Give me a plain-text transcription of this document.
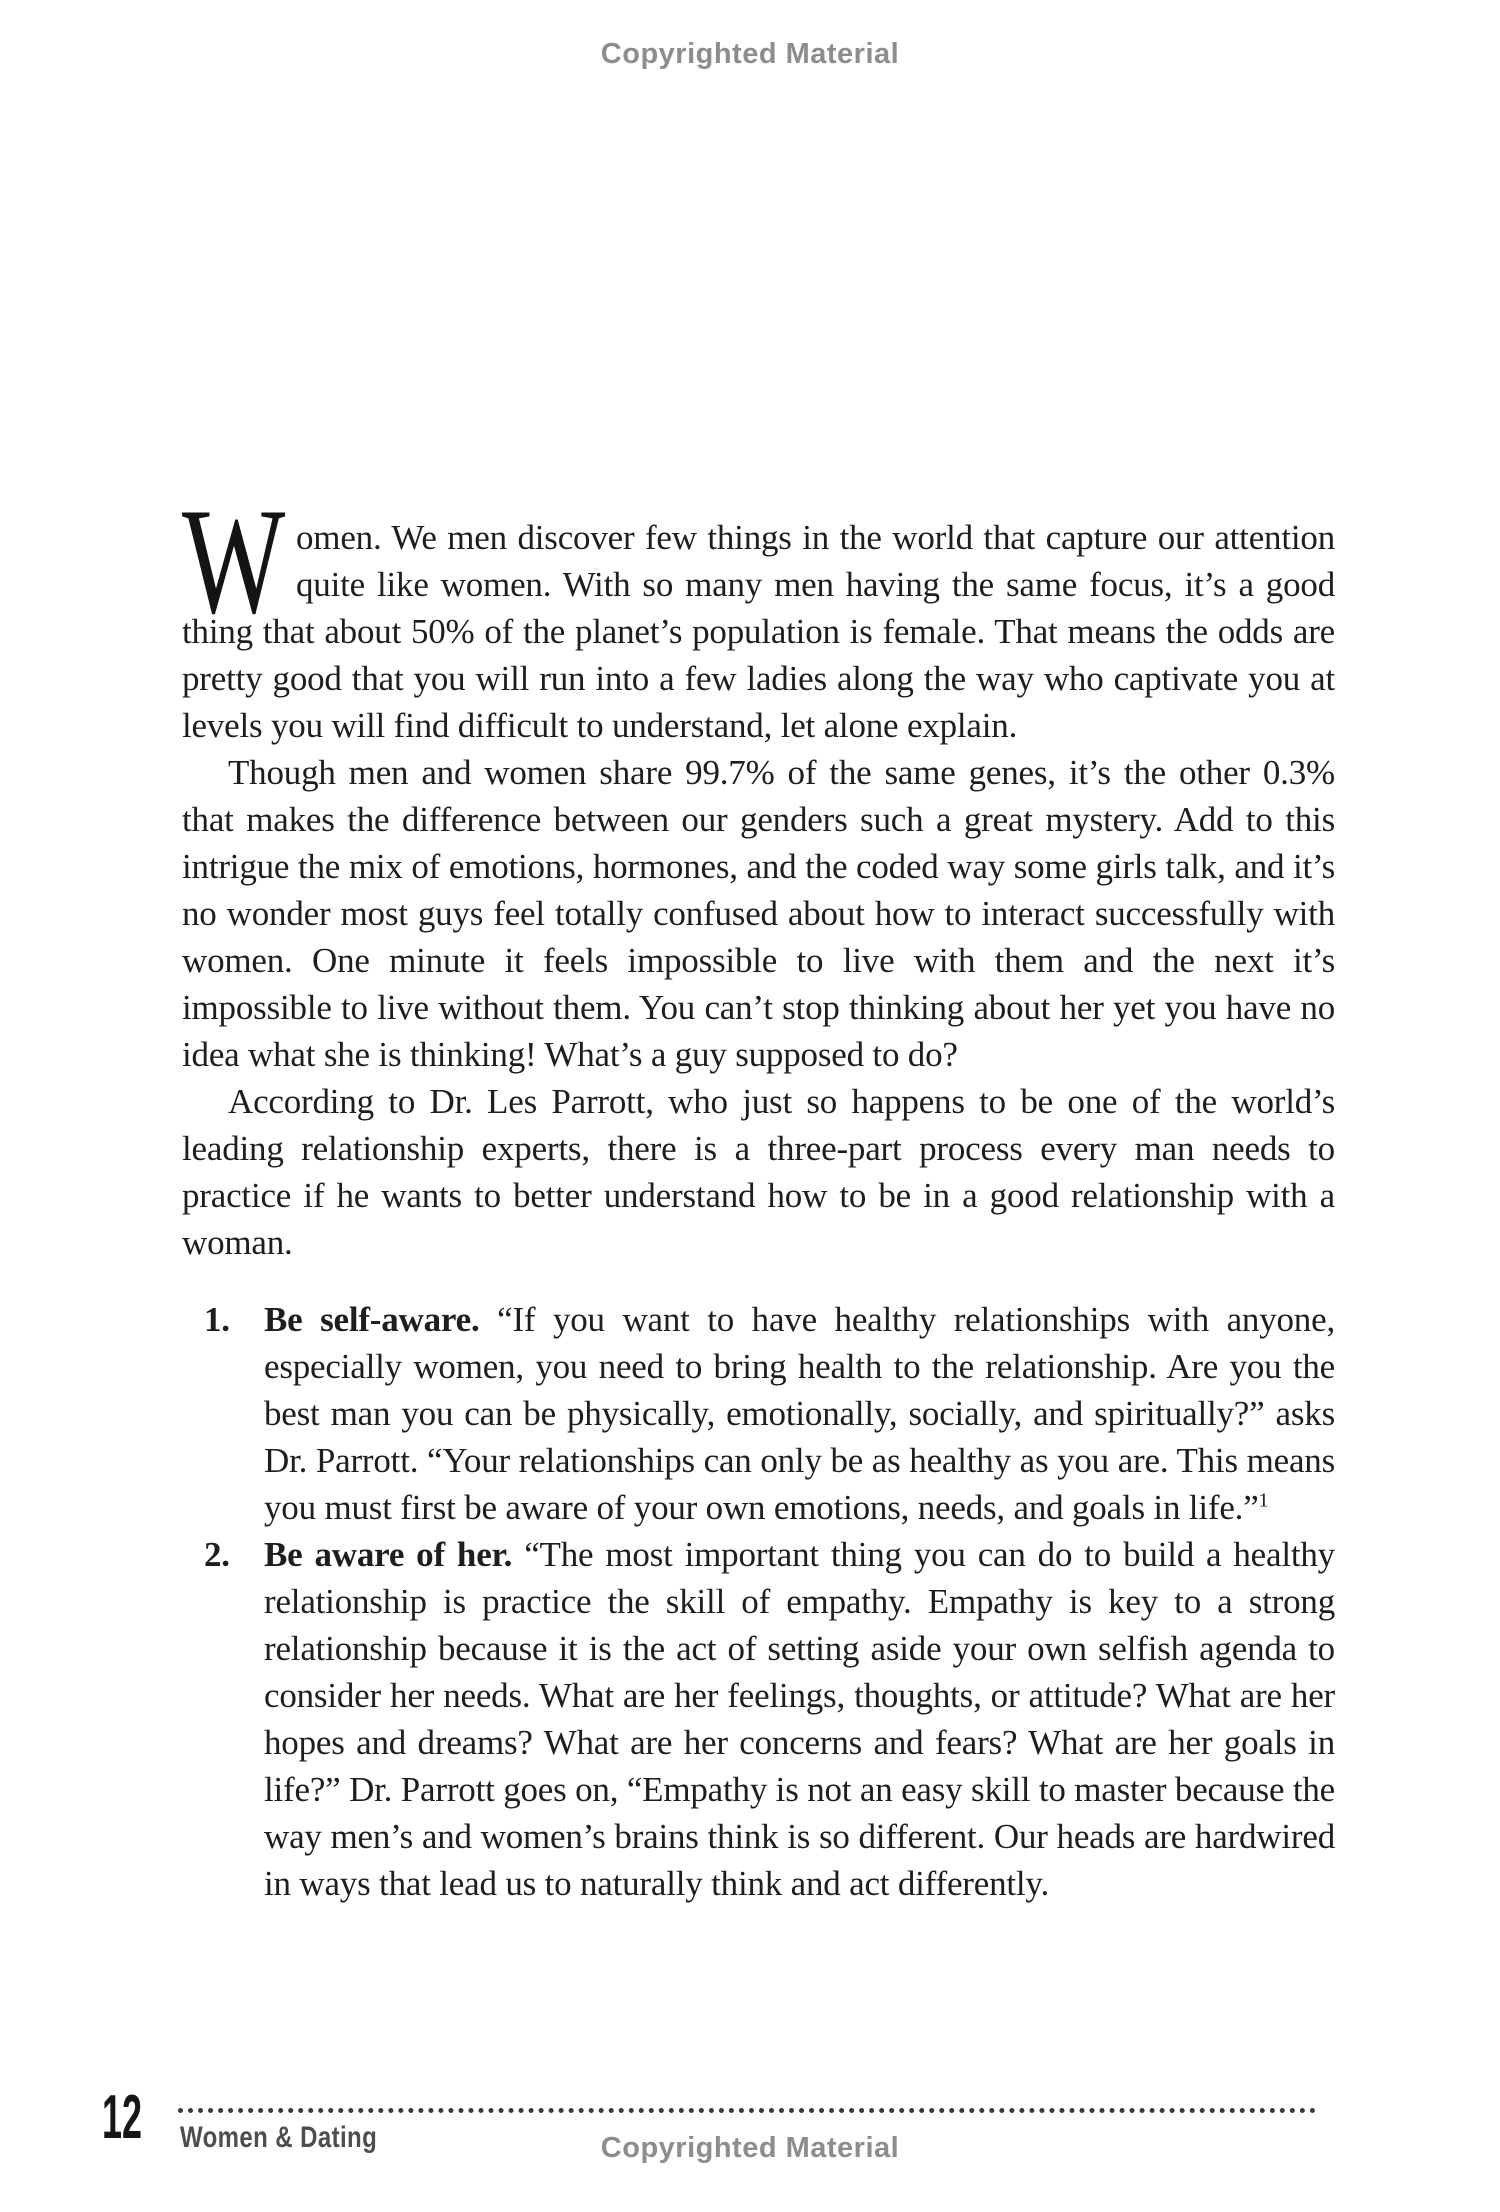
Copyrighted Material

Women. We men discover few things in the world that capture our attention quite like women. With so many men having the same focus, it’s a good thing that about 50% of the planet’s population is female. That means the odds are pretty good that you will run into a few ladies along the way who captivate you at levels you will find difficult to understand, let alone explain.

Though men and women share 99.7% of the same genes, it’s the other 0.3% that makes the difference between our genders such a great mystery. Add to this intrigue the mix of emotions, hormones, and the coded way some girls talk, and it’s no wonder most guys feel totally confused about how to interact successfully with women. One minute it feels impossible to live with them and the next it’s impossible to live without them. You can’t stop thinking about her yet you have no idea what she is thinking! What’s a guy supposed to do?

According to Dr. Les Parrott, who just so happens to be one of the world’s leading relationship experts, there is a three-part process every man needs to practice if he wants to better understand how to be in a good relationship with a woman.

1. Be self-aware. “If you want to have healthy relationships with anyone, especially women, you need to bring health to the relationship. Are you the best man you can be physically, emotionally, socially, and spiritually?” asks Dr. Parrott. “Your relationships can only be as healthy as you are. This means you must first be aware of your own emotions, needs, and goals in life.”$^1$
2. Be aware of her. “The most important thing you can do to build a healthy relationship is practice the skill of empathy. Empathy is key to a strong relationship because it is the act of setting aside your own selfish agenda to consider her needs. What are her feelings, thoughts, or attitude? What are her hopes and dreams? What are her concerns and fears? What are her goals in life?” Dr. Parrott goes on, “Empathy is not an easy skill to master because the way men’s and women’s brains think is so different. Our heads are hardwired in ways that lead us to naturally think and act differently.
12 Women & Dating	Copyrighted Material
